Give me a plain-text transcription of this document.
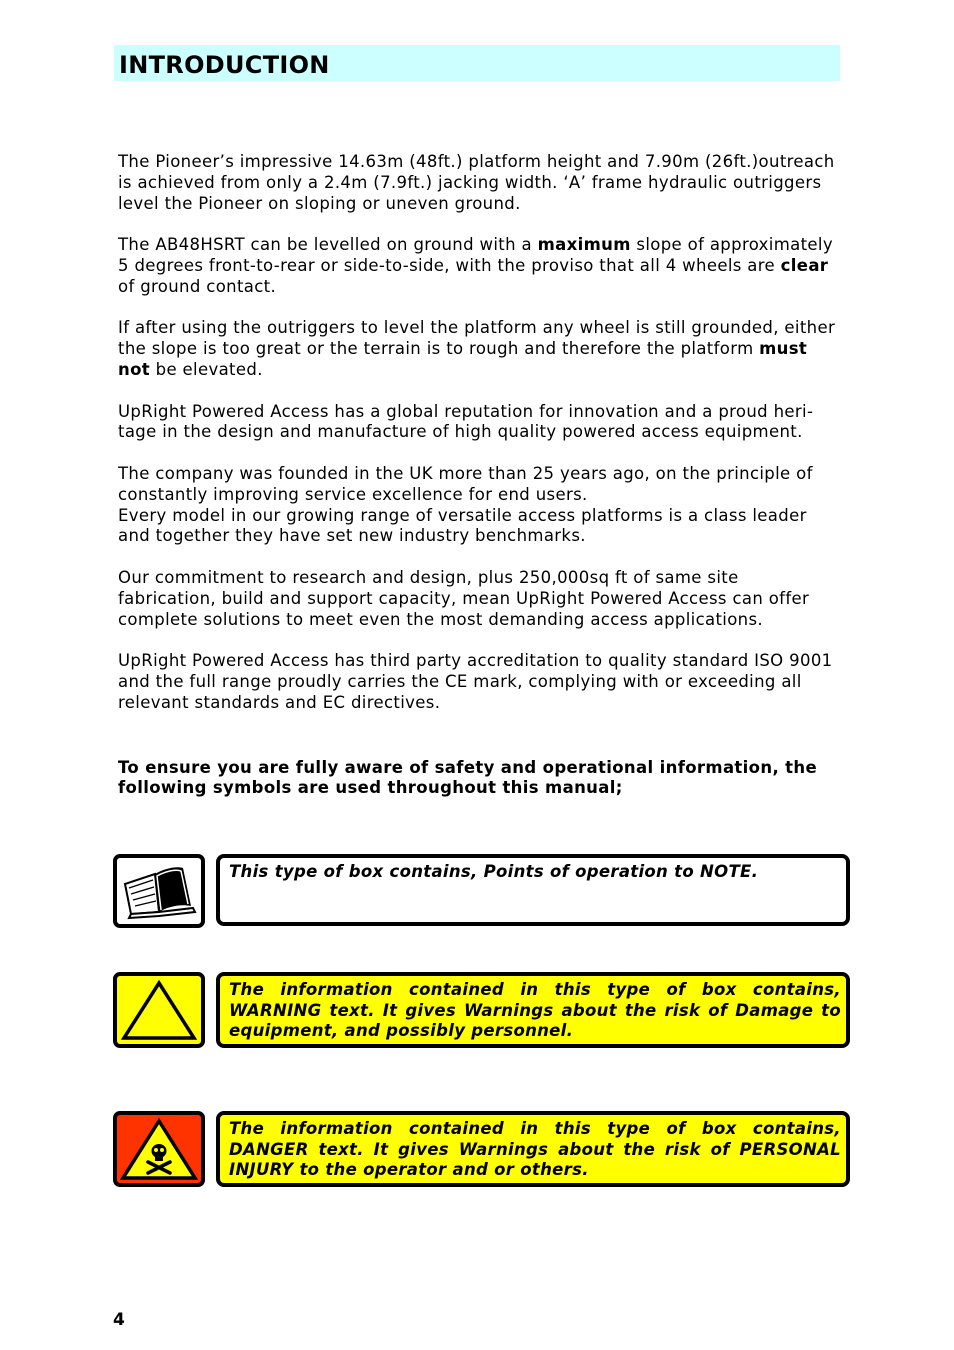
INTRODUCTION

The Pioneer’s impressive 14.63m (48ft.) platform height and 7.90m (26ft.)outreach is achieved from only a 2.4m (7.9ft.) jacking width. ‘A’ frame hydraulic outriggers level the Pioneer on sloping or uneven ground.

The AB48HSRT can be levelled on ground with a maximum slope of approximately 5 degrees front-to-rear or side-to-side, with the proviso that all 4 wheels are clear of ground contact.

If after using the outriggers to level the platform any wheel is still grounded, either the slope is too great or the terrain is to rough and therefore the platform must not be elevated.

UpRight Powered Access has a global reputation for innovation and a proud heri-tage in the design and manufacture of high quality powered access equipment.

The company was founded in the UK more than 25 years ago, on the principle of constantly improving service excellence for end users.
Every model in our growing range of versatile access platforms is a class leader and together they have set new industry benchmarks.

Our commitment to research and design, plus 250,000sq ft of same site fabrication, build and support capacity, mean UpRight Powered Access can offer complete solutions to meet even the most demanding access applications.

UpRight Powered Access has third party accreditation to quality standard ISO 9001 and the full range proudly carries the CE mark, complying with or exceeding all relevant standards and EC directives.

To ensure you are fully aware of safety and operational information, the following symbols are used throughout this manual;

This type of box contains, Points of operation to NOTE.
The information contained in this type of box contains, WARNING text. It gives Warnings about the risk of Damage to equipment, and possibly personnel.
The information contained in this type of box contains, DANGER text. It gives Warnings about the risk of PERSONAL INJURY to the operator and or others.
4
